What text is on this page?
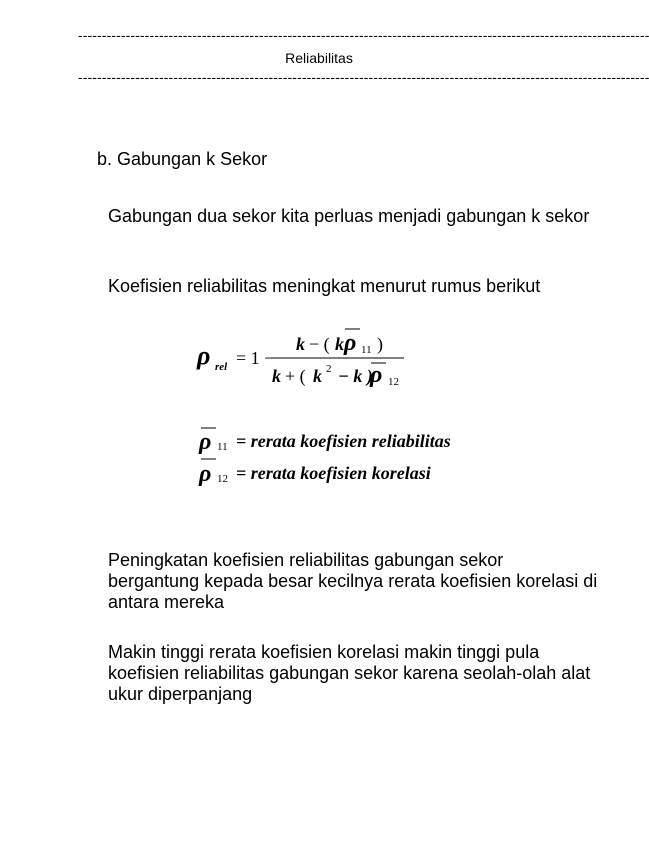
------------------------------------------------------------------------------------------------------------------------
Reliabilitas
------------------------------------------------------------------------------------------------------------------------
b. Gabungan k Sekor
Gabungan dua sekor kita perluas menjadi gabungan k sekor
Koefisien reliabilitas meningkat menurut rumus berikut
ρ rel = 1 −
k − ( k ρ 11 )
k + ( k 2 − k )
ρ 12
ρ 11 = rerata koefisien reliabilitas
ρ 12 = rerata koefisien korelasi
Peningkatan koefisien reliabilitas gabungan sekor bergantung kepada besar kecilnya rerata koefisien korelasi di antara mereka
Makin tinggi rerata koefisien korelasi makin tinggi pula koefisien reliabilitas gabungan sekor karena seolah-olah alat ukur diperpanjang
